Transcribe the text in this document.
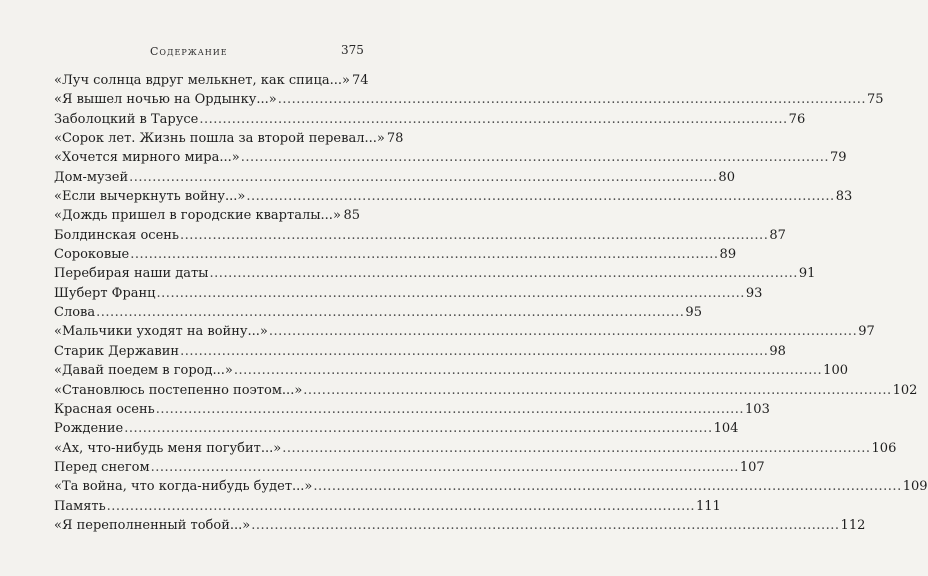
Содержание	375
«Луч солнца вдруг мелькнет, как спица...» 74
«Я вышел ночью на Ордынку...» .....	75
Заболоцкий в Тарусе .....	76
«Сорок лет. Жизнь пошла за второй перевал...» 78
«Хочется мирного мира...» .....	79
Дом-музей .....	80
«Если вычеркнуть войну...» .....	83
«Дождь пришел в городские кварталы...» ..... 85
Болдинская осень .....	87
Сороковые .....	89
Перебирая наши даты .....	91
Шуберт Франц .....	93
Слова .....	95
«Мальчики уходят на войну...» .....	97
Старик Державин .....	98
«Давай поедем в город...» .....	100
«Становлюсь постепенно поэтом...» .....	102
Красная осень .....	103
Рождение .....	104
«Ах, что-нибудь меня погубит...» .....	106
Перед снегом .....	107
«Та война, что когда-нибудь будет...» .....	109
Память .....	111
«Я переполненный тобой...» .....	112
